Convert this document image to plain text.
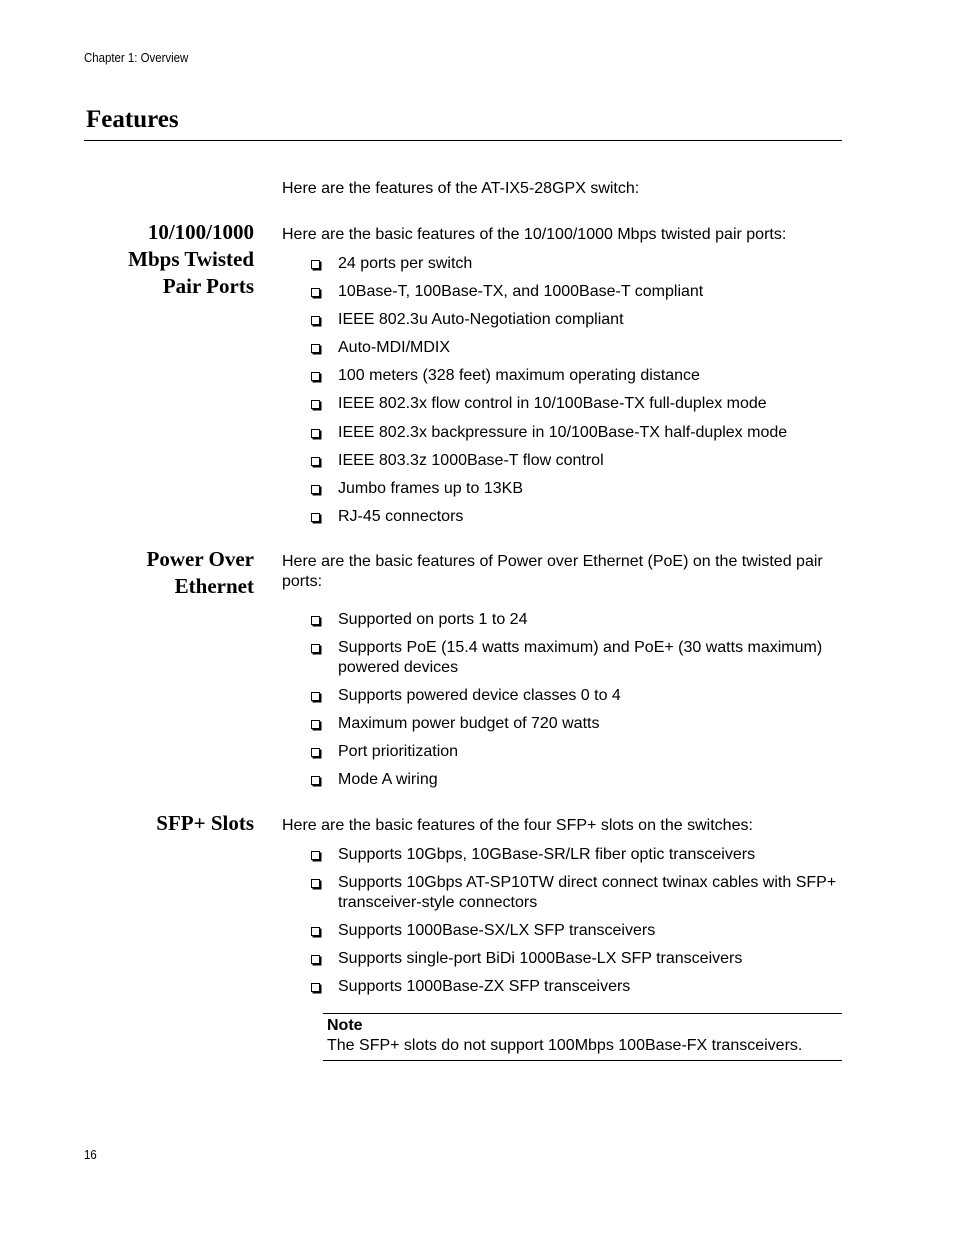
Chapter 1: Overview
Features
Here are the features of the AT-IX5-28GPX switch:
10/100/1000
Mbps Twisted
Pair Ports
Here are the basic features of the 10/100/1000 Mbps twisted pair ports:
24 ports per switch
10Base-T, 100Base-TX, and 1000Base-T compliant
IEEE 802.3u Auto-Negotiation compliant
Auto-MDI/MDIX
100 meters (328 feet) maximum operating distance
IEEE 802.3x flow control in 10/100Base-TX full-duplex mode
IEEE 802.3x backpressure in 10/100Base-TX half-duplex mode
IEEE 803.3z 1000Base-T flow control
Jumbo frames up to 13KB
RJ-45 connectors
Power Over
Ethernet
Here are the basic features of Power over Ethernet (PoE) on the twisted pair ports:
Supported on ports 1 to 24
Supports PoE (15.4 watts maximum) and PoE+ (30 watts maximum) powered devices
Supports powered device classes 0 to 4
Maximum power budget of 720 watts
Port prioritization
Mode A wiring
SFP+ Slots Here are the basic features of the four SFP+ slots on the switches:
Supports 10Gbps, 10GBase-SR/LR fiber optic transceivers
Supports 10Gbps AT-SP10TW direct connect twinax cables with SFP+ transceiver-style connectors
Supports 1000Base-SX/LX SFP transceivers
Supports single-port BiDi 1000Base-LX SFP transceivers
Supports 1000Base-ZX SFP transceivers
Note
The SFP+ slots do not support 100Mbps 100Base-FX transceivers.
16
